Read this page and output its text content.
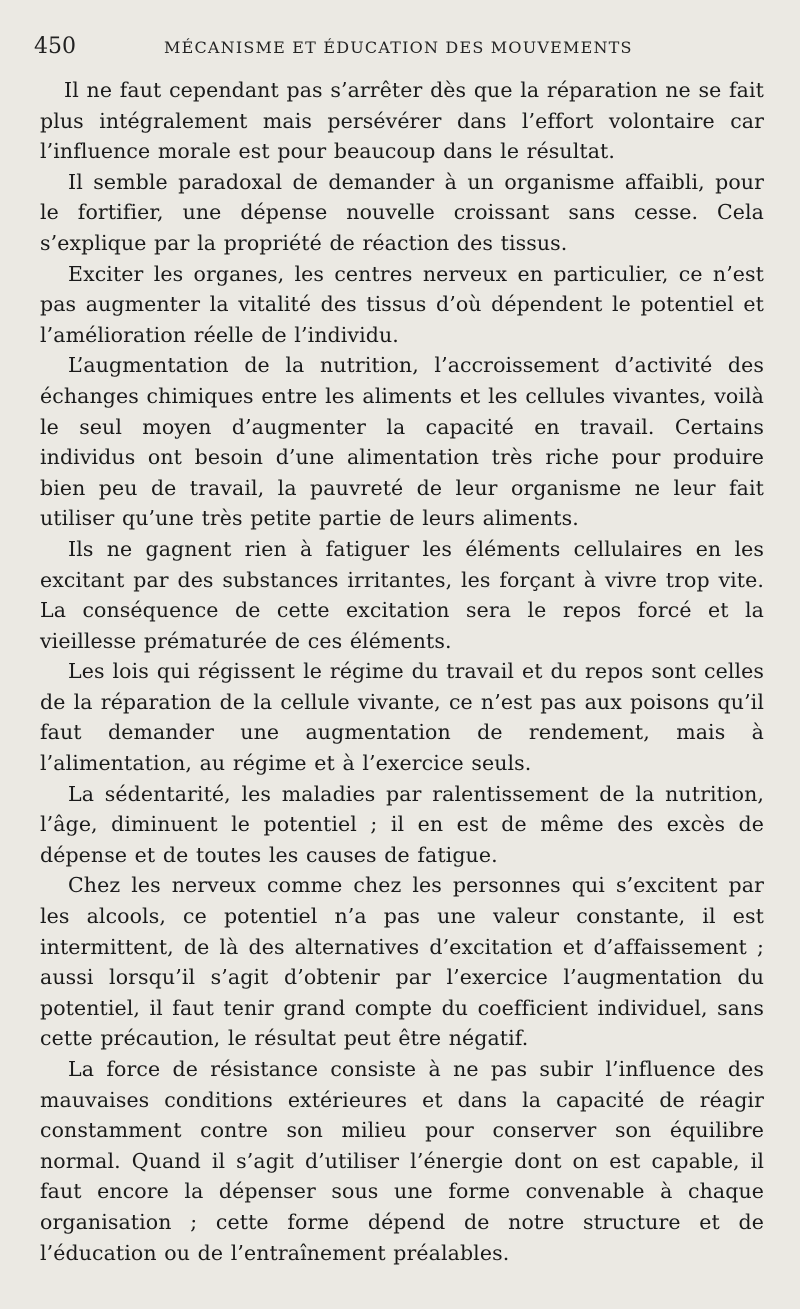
450	MÉCANISME ET ÉDUCATION DES MOUVEMENTS

Il ne faut cependant pas s’arrêter dès que la réparation ne se fait plus intégralement mais persévérer dans l’effort volontaire car l’influence morale est pour beaucoup dans le résultat.

Il semble paradoxal de demander à un organisme affaibli, pour le fortifier, une dépense nouvelle croissant sans cesse. Cela s’explique par la propriété de réaction des tissus.

Exciter les organes, les centres nerveux en particulier, ce n’est pas augmenter la vitalité des tissus d’où dépendent le potentiel et l’amélioration réelle de l’individu.

L’augmentation de la nutrition, l’accroissement d’activité des échanges chimiques entre les aliments et les cellules vivantes, voilà le seul moyen d’augmenter la capacité en travail. Certains individus ont besoin d’une alimentation très riche pour produire bien peu de travail, la pauvreté de leur organisme ne leur fait utiliser qu’une très petite partie de leurs aliments.

Ils ne gagnent rien à fatiguer les éléments cellulaires en les excitant par des substances irritantes, les forçant à vivre trop vite. La conséquence de cette excitation sera le repos forcé et la vieillesse prématurée de ces éléments.

Les lois qui régissent le régime du travail et du repos sont celles de la réparation de la cellule vivante, ce n’est pas aux poisons qu’il faut demander une augmentation de rendement, mais à l’alimentation, au régime et à l’exercice seuls.

La sédentarité, les maladies par ralentissement de la nutrition, l’âge, diminuent le potentiel ; il en est de même des excès de dépense et de toutes les causes de fatigue.

Chez les nerveux comme chez les personnes qui s’excitent par les alcools, ce potentiel n’a pas une valeur constante, il est intermittent, de là des alternatives d’excitation et d’affaissement ; aussi lorsqu’il s’agit d’obtenir par l’exercice l’augmentation du potentiel, il faut tenir grand compte du coefficient individuel, sans cette précaution, le résultat peut être négatif.

La force de résistance consiste à ne pas subir l’influence des mauvaises conditions extérieures et dans la capacité de réagir constamment contre son milieu pour conserver son équilibre normal. Quand il s’agit d’utiliser l’énergie dont on est capable, il faut encore la dépenser sous une forme convenable à chaque organisation ; cette forme dépend de notre structure et de l’éducation ou de l’entraînement préalables.
